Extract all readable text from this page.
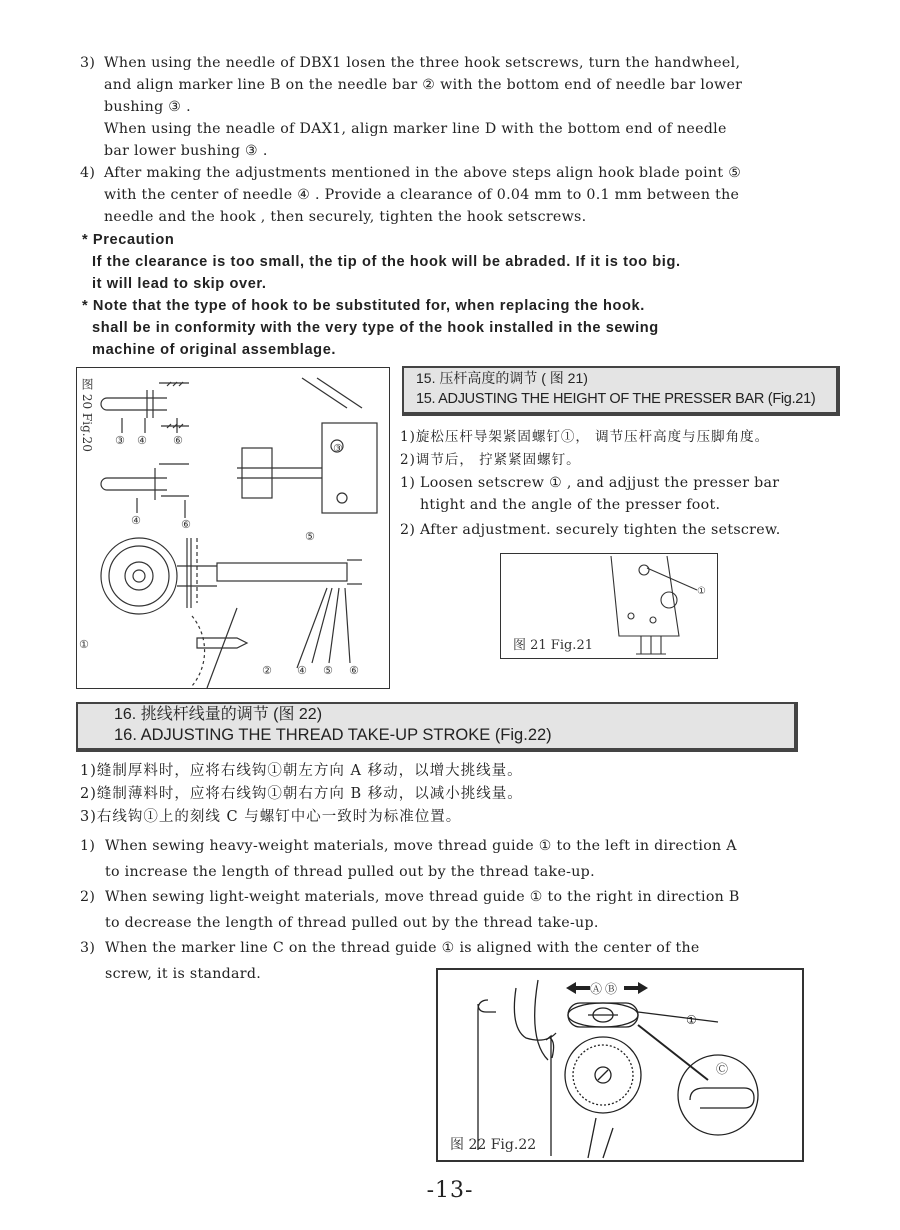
3) When using the needle of DBX1 losen the three hook setscrews, turn the handwheel,
and align marker line B on the needle bar ② with the bottom end of needle bar lower
bushing ③ .
When using the neadle of DAX1, align marker line D with the bottom end of needle
bar lower bushing ③ .
4) After making the adjustments mentioned in the above steps align hook blade point ⑤
with the center of needle ④ . Provide a clearance of 0.04 mm to 0.1 mm between the
needle and the hook , then securely, tighten the hook setscrews.
* Precaution
If the clearance is too small, the tip of the hook will be abraded. If it is too big.
it will lead to skip over.
* Note that the type of hook to be substituted for, when replacing the hook.
shall be in conformity with the very type of the hook installed in the sewing
machine of original assemblage.
图 20 Fig.20 ③ ④ ⑥
④	⑥
①
② ④ ⑤ ⑥
⑤
③
15. 压杆高度的调节 ( 图 21)
15. ADJUSTING THE HEIGHT OF THE PRESSER BAR (Fig.21)
1)旋松压杆导架紧固螺钉①， 调节压杆高度与压脚角度。
2)调节后， 拧紧紧固螺钉。
1) Loosen setscrew ① , and adjjust the presser bar
htight and the angle of the presser foot.
2) After adjustment. securely tighten the setscrew.
①
图 21 Fig.21
16. 挑线杆线量的调节 (图 22)
16. ADJUSTING THE THREAD TAKE-UP STROKE (Fig.22)
1)缝制厚料时，应将右线钩①朝左方向 A 移动，以增大挑线量。
2)缝制薄料时，应将右线钩①朝右方向 B 移动，以减小挑线量。
3)右线钩①上的刻线 C 与螺钉中心一致时为标准位置。
1) When sewing heavy-weight materials, move thread guide ① to the left in direction A
to increase the length of thread pulled out by the thread take-up.
2) When sewing light-weight materials, move thread guide ① to the right in direction B
to decrease the length of thread pulled out by the thread take-up.
3) When the marker line C on the thread guide ① is aligned with the center of the
screw, it is standard.
Ⓐ Ⓑ
①
Ⓒ
图 22 Fig.22
-13-
